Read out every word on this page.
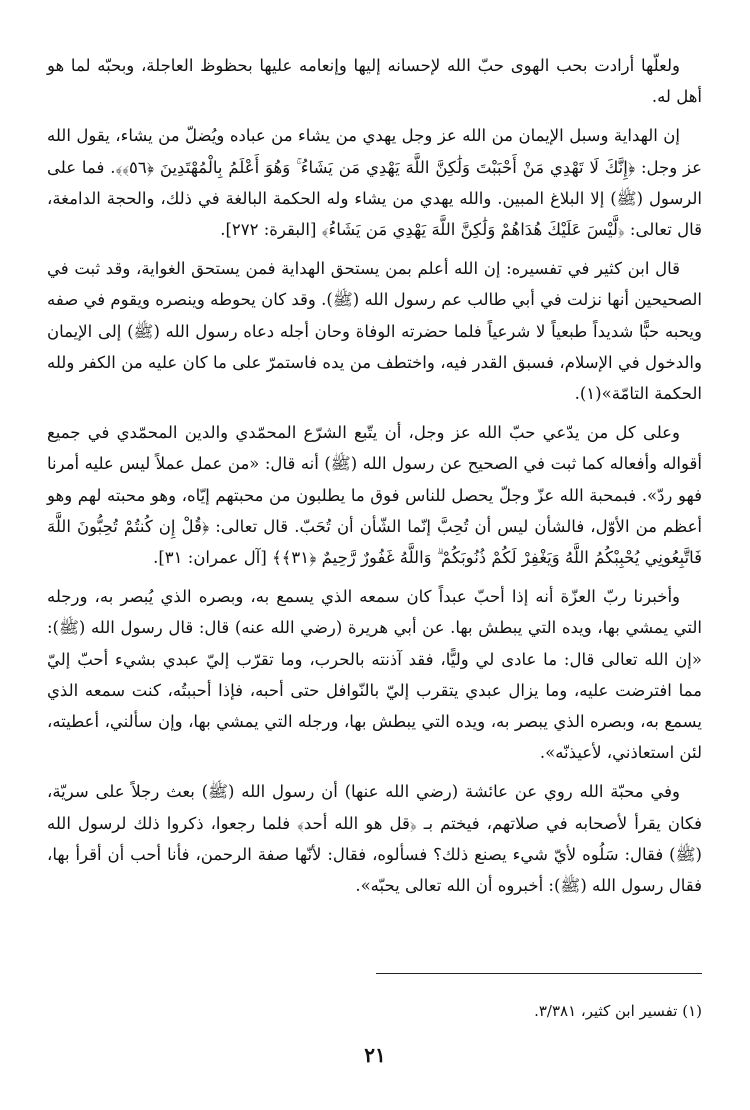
ولعلّها أرادت بحب الهوى حبّ الله لإحسانه إليها وإنعامه عليها بحظوظ العاجلة، وبحبّه لما هو أهل له.

إن الهداية وسبل الإيمان من الله عز وجل يهدي من يشاء من عباده ويُضلّ من يشاء، يقول الله عز وجل: ﴿إِنَّكَ لَا تَهْدِي مَنْ أَحْبَبْتَ وَلَٰكِنَّ اللَّهَ يَهْدِي مَن يَشَاءُ ۚ وَهُوَ أَعْلَمُ بِالْمُهْتَدِينَ ﴿٥٦﴾﴾. فما على الرسول (ﷺ) إلا البلاغ المبين. والله يهدي من يشاء وله الحكمة البالغة في ذلك، والحجة الدامغة، قال تعالى: ﴿لَّيْسَ عَلَيْكَ هُدَاهُمْ وَلَٰكِنَّ اللَّهَ يَهْدِي مَن يَشَاءُ﴾ [البقرة: ٢٧٢].

قال ابن كثير في تفسيره: إن الله أعلم بمن يستحق الهداية فمن يستحق الغواية، وقد ثبت في الصحيحين أنها نزلت في أبي طالب عم رسول الله (ﷺ). وقد كان يحوطه وينصره ويقوم في صفه ويحبه حبًّا شديداً طبعياً لا شرعياً فلما حضرته الوفاة وحان أجله دعاه رسول الله (ﷺ) إلى الإيمان والدخول في الإسلام، فسبق القدر فيه، واختطف من يده فاستمرّ على ما كان عليه من الكفر ولله الحكمة التامّة»(١).

وعلى كل من يدّعي حبّ الله عز وجل، أن يتّبع الشرّع المحمّدي والدين المحمّدي في جميع أقواله وأفعاله كما ثبت في الصحيح عن رسول الله (ﷺ) أنه قال: «من عمل عملاً ليس عليه أمرنا فهو ردّ». فبمحبة الله عزّ وجلّ يحصل للناس فوق ما يطلبون من محبتهم إيّاه، وهو محبته لهم وهو أعظم من الأوّل، فالشأن ليس أن تُحِبَّ إنّما الشّأن أن تُحَبّ. قال تعالى: ﴿قُلْ إِن كُنتُمْ تُحِبُّونَ اللَّهَ فَاتَّبِعُونِي يُحْبِبْكُمُ اللَّهُ وَيَغْفِرْ لَكُمْ ذُنُوبَكُمْ ۗ وَاللَّهُ غَفُورٌ رَّحِيمٌ ﴿٣١﴾﴾ [آل عمران: ٣١].

وأخبرنا ربّ العزّة أنه إذا أحبّ عبداً كان سمعه الذي يسمع به، وبصره الذي يُبصر به، ورجله التي يمشي بها، ويده التي يبطش بها. عن أبي هريرة (رضي الله عنه) قال: قال رسول الله (ﷺ): «إن الله تعالى قال: ما عادى لي وليًّا، فقد آذنته بالحرب، وما تقرّب إليّ عبدي بشيء أحبّ إليّ مما افترضت عليه، وما يزال عبدي يتقرب إليّ بالنّوافل حتى أحبه، فإذا أحببتُه، كنت سمعه الذي يسمع به، وبصره الذي يبصر به، ويده التي يبطش بها، ورجله التي يمشي بها، وإن سألني، أعطيته، لئن استعاذني، لأعيذنّه».

وفي محبّة الله روي عن عائشة (رضي الله عنها) أن رسول الله (ﷺ) بعث رجلاً على سريّة، فكان يقرأ لأصحابه في صلاتهم، فيختم بـ ﴿قل هو الله أحد﴾ فلما رجعوا، ذكروا ذلك لرسول الله (ﷺ) فقال: سَلُوه لأيّ شيء يصنع ذلك؟ فسألوه، فقال: لأنّها صفة الرحمن، فأنا أحب أن أقرأ بها، فقال رسول الله (ﷺ): أخبروه أن الله تعالى يحبّه».

(١) تفسير ابن كثير، ٣/٣٨١.
٢١
